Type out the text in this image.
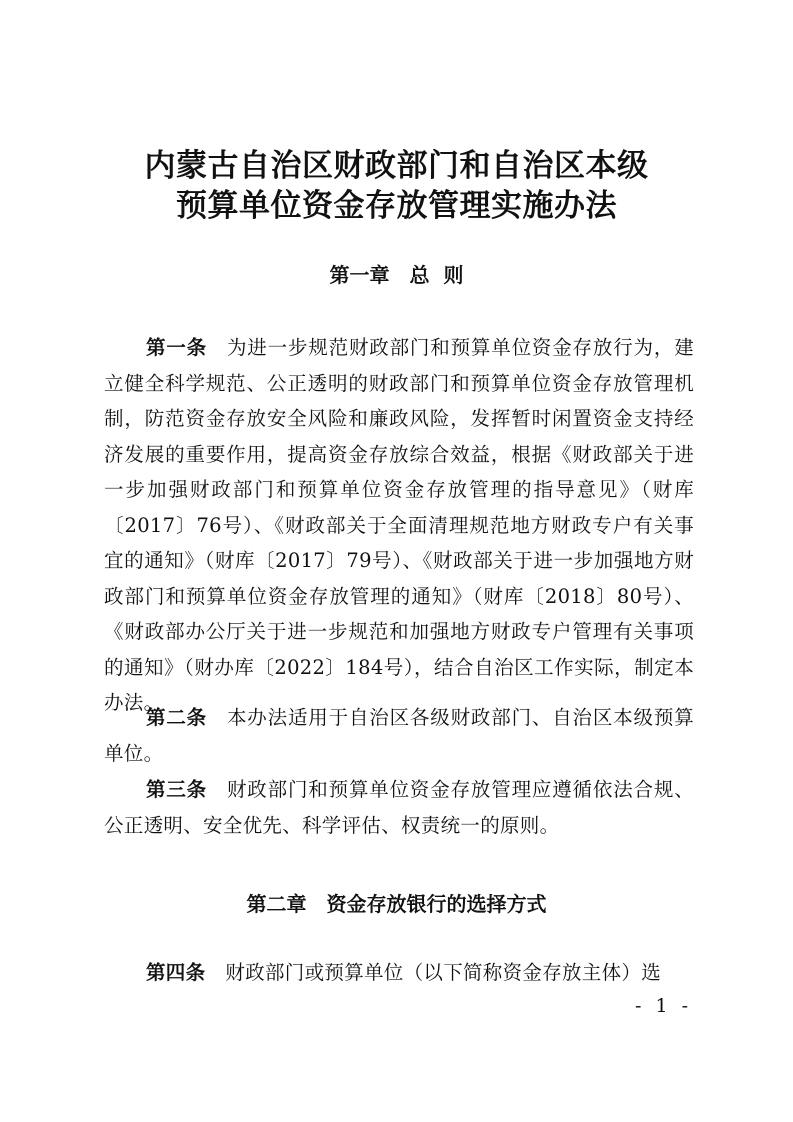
内蒙古自治区财政部门和自治区本级
预算单位资金存放管理实施办法
第一章　总  则

第一条 为进一步规范财政部门和预算单位资金存放行为，建立健全科学规范、公正透明的财政部门和预算单位资金存放管理机制，防范资金存放安全风险和廉政风险，发挥暂时闲置资金支持经济发展的重要作用，提高资金存放综合效益，根据《财政部关于进一步加强财政部门和预算单位资金存放管理的指导意见》（财库〔2017〕76号）、《财政部关于全面清理规范地方财政专户有关事宜的通知》（财库〔2017〕79号）、《财政部关于进一步加强地方财政部门和预算单位资金存放管理的通知》（财库〔2018〕80号）、《财政部办公厅关于进一步规范和加强地方财政专户管理有关事项的通知》（财办库〔2022〕184号），结合自治区工作实际，制定本办法。

第二条 本办法适用于自治区各级财政部门、自治区本级预算单位。

第三条 财政部门和预算单位资金存放管理应遵循依法合规、公正透明、安全优先、科学评估、权责统一的原则。

第二章　资金存放银行的选择方式

第四条 财政部门或预算单位（以下简称资金存放主体）选

- 1 -
